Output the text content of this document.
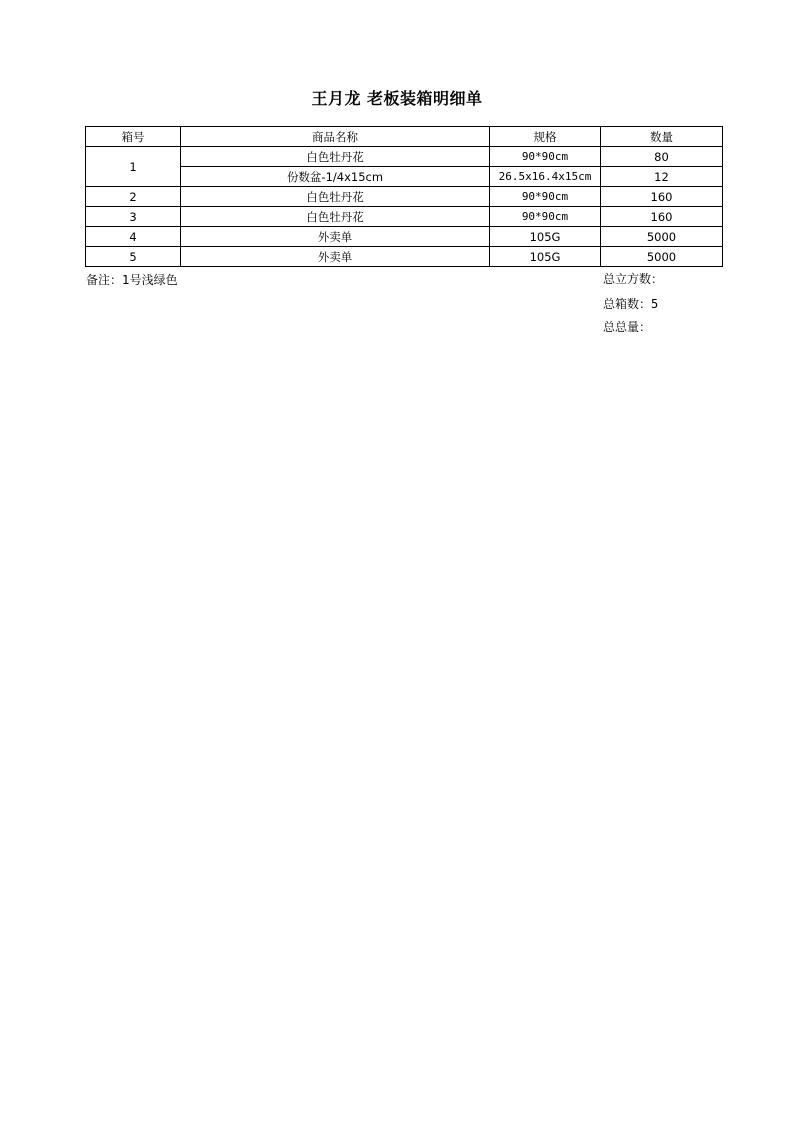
王月龙 老板装箱明细单
箱号	商品名称	规格	数量
1	白色牡丹花	90*90cm	80
	份数盆-1/4x15cm	26.5x16.4x15cm	12
2	白色牡丹花	90*90cm	160
3	白色牡丹花	90*90cm	160
4	外卖单	105G	5000
5	外卖单	105G	5000
备注：1号浅绿色	总立方数：
总箱数：5
总总量：
